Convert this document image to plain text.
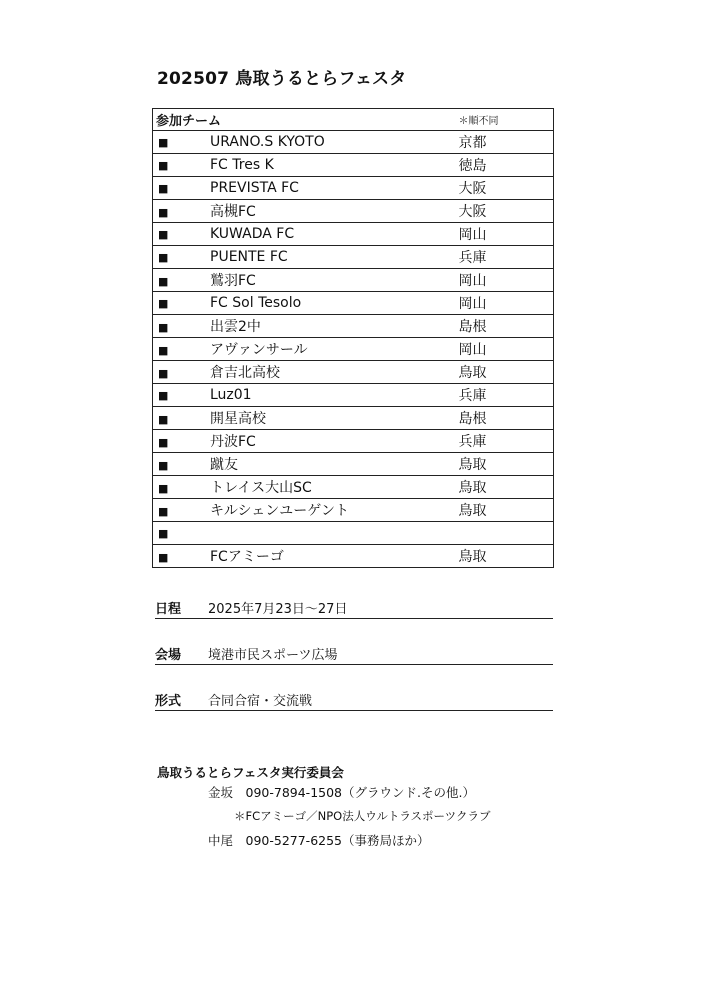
202507 鳥取うるとらフェスタ
参加チーム	＊順不同
■ URANO.S KYOTO	京都
■ FC Tres K	徳島
■ PREVISTA FC	大阪
■ 高槻FC	大阪
■ KUWADA FC	岡山
■ PUENTE FC	兵庫
■ 鷲羽FC	岡山
■ FC Sol Tesolo	岡山
■ 出雲2中	島根
■ アヴァンサール	岡山
■ 倉吉北高校	鳥取
■ Luz01	兵庫
■ 開星高校	島根
■ 丹波FC	兵庫
■ 蹴友	鳥取
■ トレイス大山SC	鳥取
■ キルシェンユーゲント	鳥取
■	
■ FCアミーゴ	鳥取
日程 2025年7月23日～27日
会場 境港市民スポーツ広場
形式 合同合宿・交流戦
鳥取うるとらフェスタ実行委員会
金坂　090-7894-1508（グラウンド.その他.）
＊FCアミーゴ／NPO法人ウルトラスポーツクラブ
中尾　090-5277-6255（事務局ほか）
